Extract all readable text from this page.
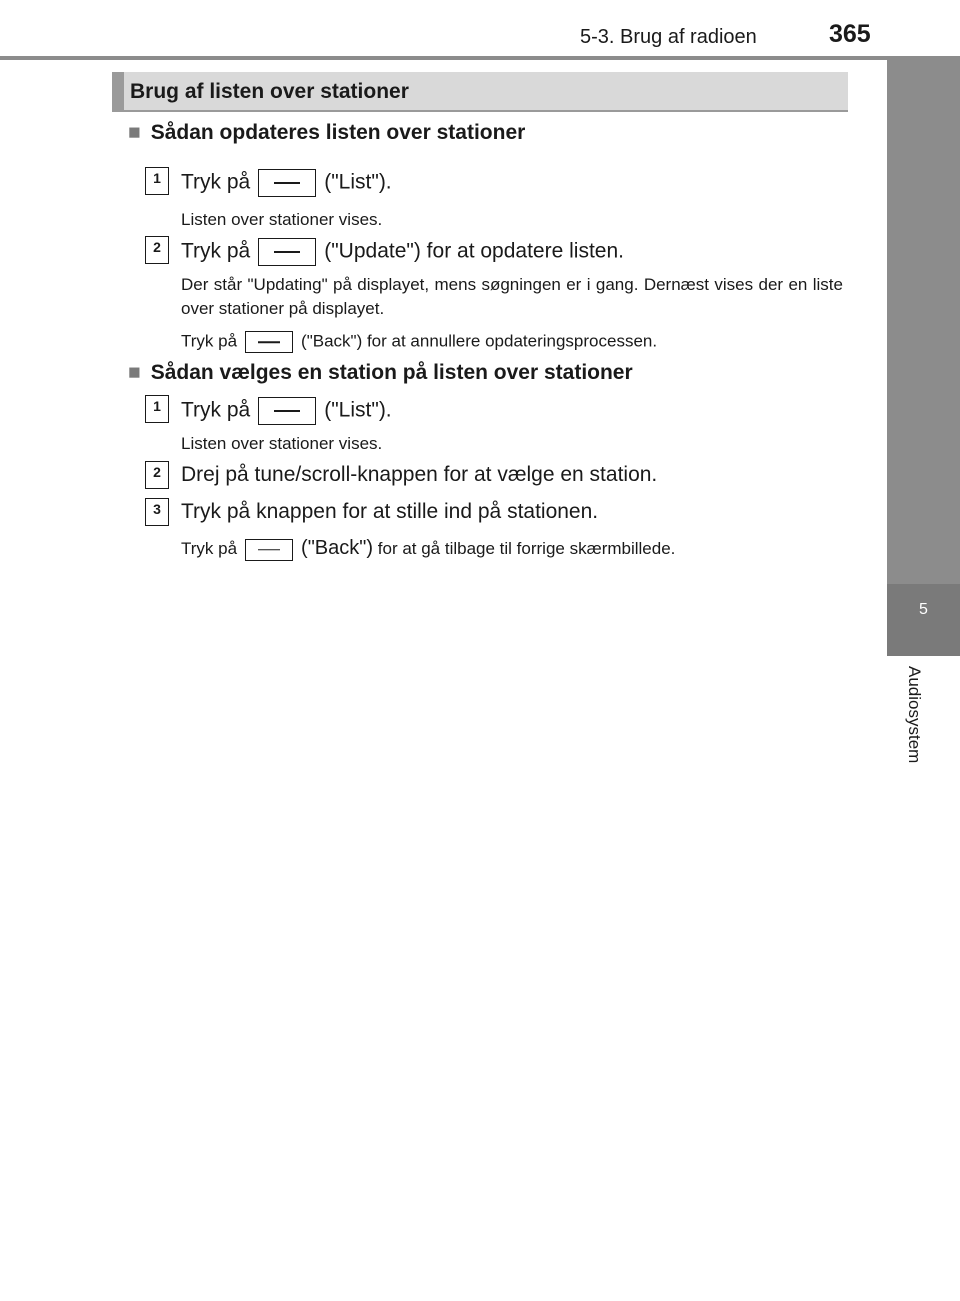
5-3. Brug af radioen	365
5
Audiosystem
Brug af listen over stationer
■ Sådan opdateres listen over stationer
1 Tryk på	("List").
Listen over stationer vises.
2 Tryk på	("Update") for at opdatere listen.
Der står "Updating" på displayet, mens søgningen er i gang. Dernæst vises der en liste over stationer på displayet.
Tryk på	("Back") for at annullere opdateringsprocessen.
■ Sådan vælges en station på listen over stationer
1 Tryk på	("List").
Listen over stationer vises.
2 Drej på tune/scroll-knappen for at vælge en station.
3 Tryk på knappen for at stille ind på stationen.
Tryk på	("Back") for at gå tilbage til forrige skærmbillede.
